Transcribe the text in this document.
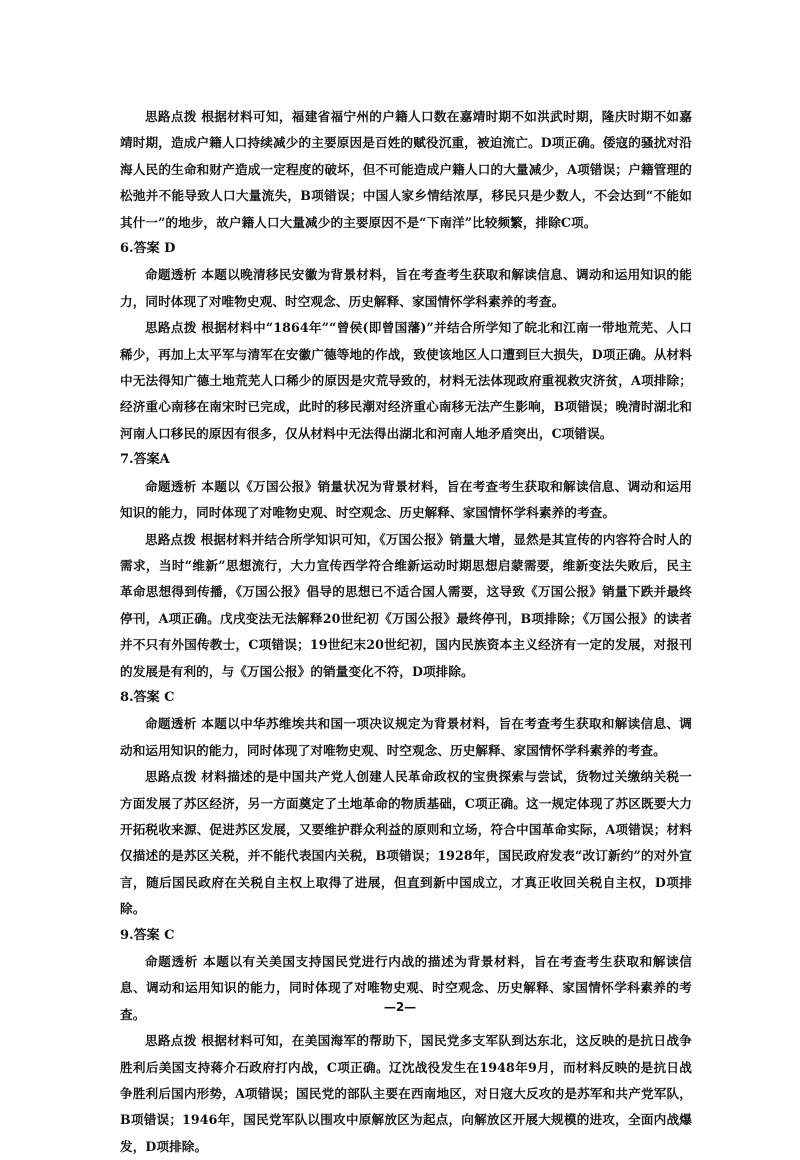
思路点拨 根据材料可知，福建省福宁州的户籍人口数在嘉靖时期不如洪武时期，隆庆时期不如嘉靖时期，造成户籍人口持续减少的主要原因是百姓的赋役沉重，被迫流亡。D项正确。倭寇的骚扰对沿海人民的生命和财产造成一定程度的破坏，但不可能造成户籍人口的大量减少，A项错误；户籍管理的松弛并不能导致人口大量流失，B项错误；中国人家乡情结浓厚，移民只是少数人，不会达到“不能如其什一”的地步，故户籍人口大量减少的主要原因不是“下南洋”比较频繁，排除C项。

6.答案 D

命题透析 本题以晚清移民安徽为背景材料，旨在考查考生获取和解读信息、调动和运用知识的能力，同时体现了对唯物史观、时空观念、历史解释、家国情怀学科素养的考查。

思路点拨 根据材料中“1864年”“曾侯(即曾国藩)”并结合所学知了皖北和江南一带地荒芜、人口稀少，再加上太平军与清军在安徽广德等地的作战，致使该地区人口遭到巨大损失，D项正确。从材料中无法得知广德土地荒芜人口稀少的原因是灾荒导致的，材料无法体现政府重视救灾济贫，A项排除；经济重心南移在南宋时已完成，此时的移民潮对经济重心南移无法产生影响，B项错误；晚清时湖北和河南人口移民的原因有很多，仅从材料中无法得出湖北和河南人地矛盾突出，C项错误。

7.答案A

命题透析 本题以《万国公报》销量状况为背景材料，旨在考查考生获取和解读信息、调动和运用知识的能力，同时体现了对唯物史观、时空观念、历史解释、家国情怀学科素养的考查。

思路点拨 根据材料并结合所学知识可知，《万国公报》销量大增，显然是其宣传的内容符合时人的需求，当时“维新”思想流行，大力宣传西学符合维新运动时期思想启蒙需要，维新变法失败后，民主革命思想得到传播，《万国公报》倡导的思想已不适合国人需要，这导致《万国公报》销量下跌并最终停刊，A项正确。戊戌变法无法解释20世纪初《万国公报》最终停刊，B项排除；《万国公报》的读者并不只有外国传教士，C项错误；19世纪末20世纪初，国内民族资本主义经济有一定的发展，对报刊的发展是有利的，与《万国公报》的销量变化不符，D项排除。

8.答案 C

命题透析 本题以中华苏维埃共和国一项决议规定为背景材料，旨在考查考生获取和解读信息、调动和运用知识的能力，同时体现了对唯物史观、时空观念、历史解释、家国情怀学科素养的考查。

思路点拨 材料描述的是中国共产党人创建人民革命政权的宝贵探索与尝试，货物过关缴纳关税一方面发展了苏区经济，另一方面奠定了土地革命的物质基础，C项正确。这一规定体现了苏区既要大力开拓税收来源、促进苏区发展，又要维护群众利益的原则和立场，符合中国革命实际，A项错误；材料仅描述的是苏区关税，并不能代表国内关税，B项错误；1928年，国民政府发表“改订新约”的对外宣言，随后国民政府在关税自主权上取得了进展，但直到新中国成立，才真正收回关税自主权，D项排除。

9.答案 C

命题透析 本题以有关美国支持国民党进行内战的描述为背景材料，旨在考查考生获取和解读信息、调动和运用知识的能力，同时体现了对唯物史观、时空观念、历史解释、家国情怀学科素养的考查。

思路点拨 根据材料可知，在美国海军的帮助下，国民党多支军队到达东北，这反映的是抗日战争胜利后美国支持蒋介石政府打内战，C项正确。辽沈战役发生在1948年9月，而材料反映的是抗日战争胜利后国内形势，A项错误；国民党的部队主要在西南地区，对日寇大反攻的是苏军和共产党军队，B项错误；1946年，国民党军队以围攻中原解放区为起点，向解放区开展大规模的进攻，全面内战爆发，D项排除。

—2—
